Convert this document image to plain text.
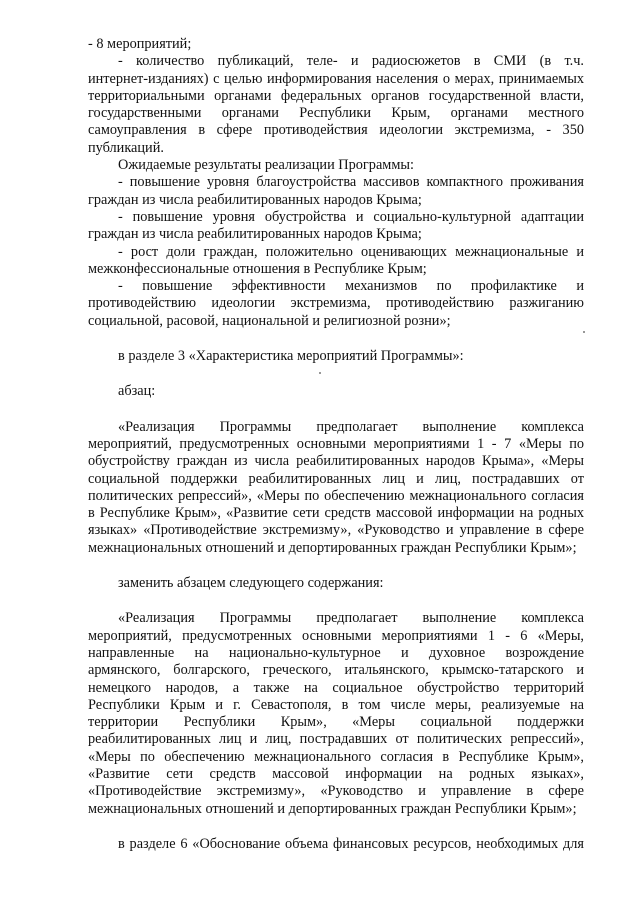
- 8 мероприятий;
- количество публикаций, теле- и радиосюжетов в СМИ (в т.ч.
интернет-изданиях) с целью информирования населения о мерах, принимаемых
территориальными органами федеральных органов государственной власти,
государственными органами Республики Крым, органами местного
самоуправления в сфере противодействия идеологии экстремизма, - 350
публикаций.
Ожидаемые результаты реализации Программы:
- повышение уровня благоустройства массивов компактного проживания
граждан из числа реабилитированных народов Крыма;
- повышение уровня обустройства и социально-культурной адаптации
граждан из числа реабилитированных народов Крыма;
- рост доли граждан, положительно оценивающих межнациональные и
межконфессиональные отношения в Республике Крым;
- повышение эффективности механизмов по профилактике и
противодействию идеологии экстремизма, противодействию разжиганию
социальной, расовой, национальной и религиозной розни»;
в разделе 3 «Характеристика мероприятий Программы»:
абзац:
«Реализация Программы предполагает выполнение комплекса
мероприятий, предусмотренных основными мероприятиями 1 - 7 «Меры по
обустройству граждан из числа реабилитированных народов Крыма», «Меры
социальной поддержки реабилитированных лиц и лиц, пострадавших от
политических репрессий», «Меры по обеспечению межнационального согласия
в Республике Крым», «Развитие сети средств массовой информации на родных
языках» «Противодействие экстремизму», «Руководство и управление в сфере
межнациональных отношений и депортированных граждан Республики Крым»;
заменить абзацем следующего содержания:
«Реализация Программы предполагает выполнение комплекса
мероприятий, предусмотренных основными мероприятиями 1 - 6 «Меры,
направленные на национально-культурное и духовное возрождение
армянского, болгарского, греческого, итальянского, крымско-татарского и
немецкого народов, а также на социальное обустройство территорий
Республики Крым и г. Севастополя, в том числе меры, реализуемые на
территории Республики Крым», «Меры социальной поддержки
реабилитированных лиц и лиц, пострадавших от политических репрессий»,
«Меры по обеспечению межнационального согласия в Республике Крым»,
«Развитие сети средств массовой информации на родных языках»,
«Противодействие экстремизму», «Руководство и управление в сфере
межнациональных отношений и депортированных граждан Республики Крым»;
в разделе 6 «Обоснование объема финансовых ресурсов, необходимых для
